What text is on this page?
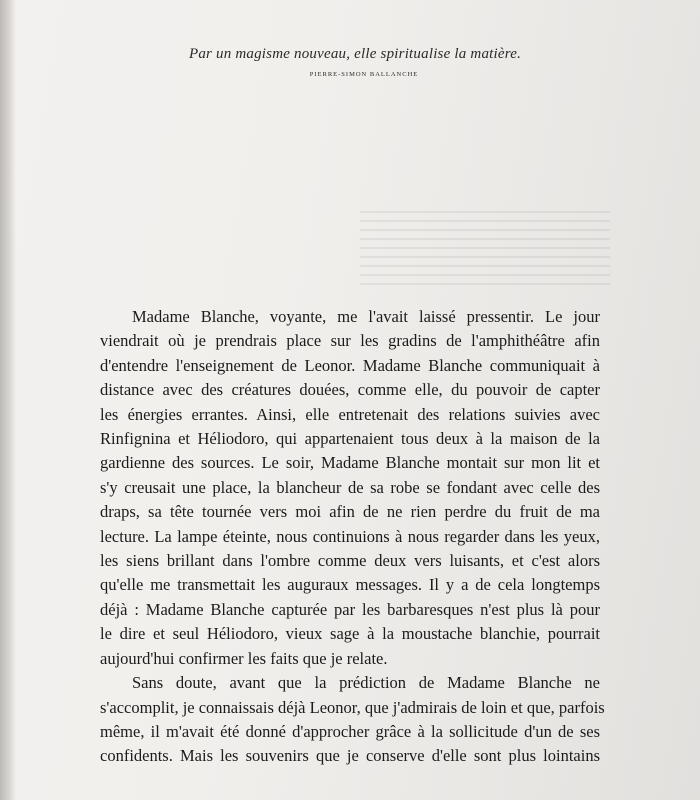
Par un magisme nouveau, elle spiritualise la matière.
PIERRE-SIMON BALLANCHE
Madame Blanche, voyante, me l'avait laissé pressentir. Le jour
viendrait où je prendrais place sur les gradins de l'amphithéâtre afin
d'entendre l'enseignement de Leonor. Madame Blanche communiquait à
distance avec des créatures douées, comme elle, du pouvoir de capter
les énergies errantes. Ainsi, elle entretenait des relations suivies avec
Rinfignina et Héliodoro, qui appartenaient tous deux à la maison de la
gardienne des sources. Le soir, Madame Blanche montait sur mon lit et
s'y creusait une place, la blancheur de sa robe se fondant avec celle des
draps, sa tête tournée vers moi afin de ne rien perdre du fruit de ma
lecture. La lampe éteinte, nous continuions à nous regarder dans les yeux,
les siens brillant dans l'ombre comme deux vers luisants, et c'est alors
qu'elle me transmettait les auguraux messages. Il y a de cela longtemps
déjà : Madame Blanche capturée par les barbaresques n'est plus là pour
le dire et seul Héliodoro, vieux sage à la moustache blanchie, pourrait
aujourd'hui confirmer les faits que je relate.
Sans doute, avant que la prédiction de Madame Blanche ne
s'accomplit, je connaissais déjà Leonor, que j'admirais de loin et que, parfois
même, il m'avait été donné d'approcher grâce à la sollicitude d'un de ses
confidents. Mais les souvenirs que je conserve d'elle sont plus lointains
